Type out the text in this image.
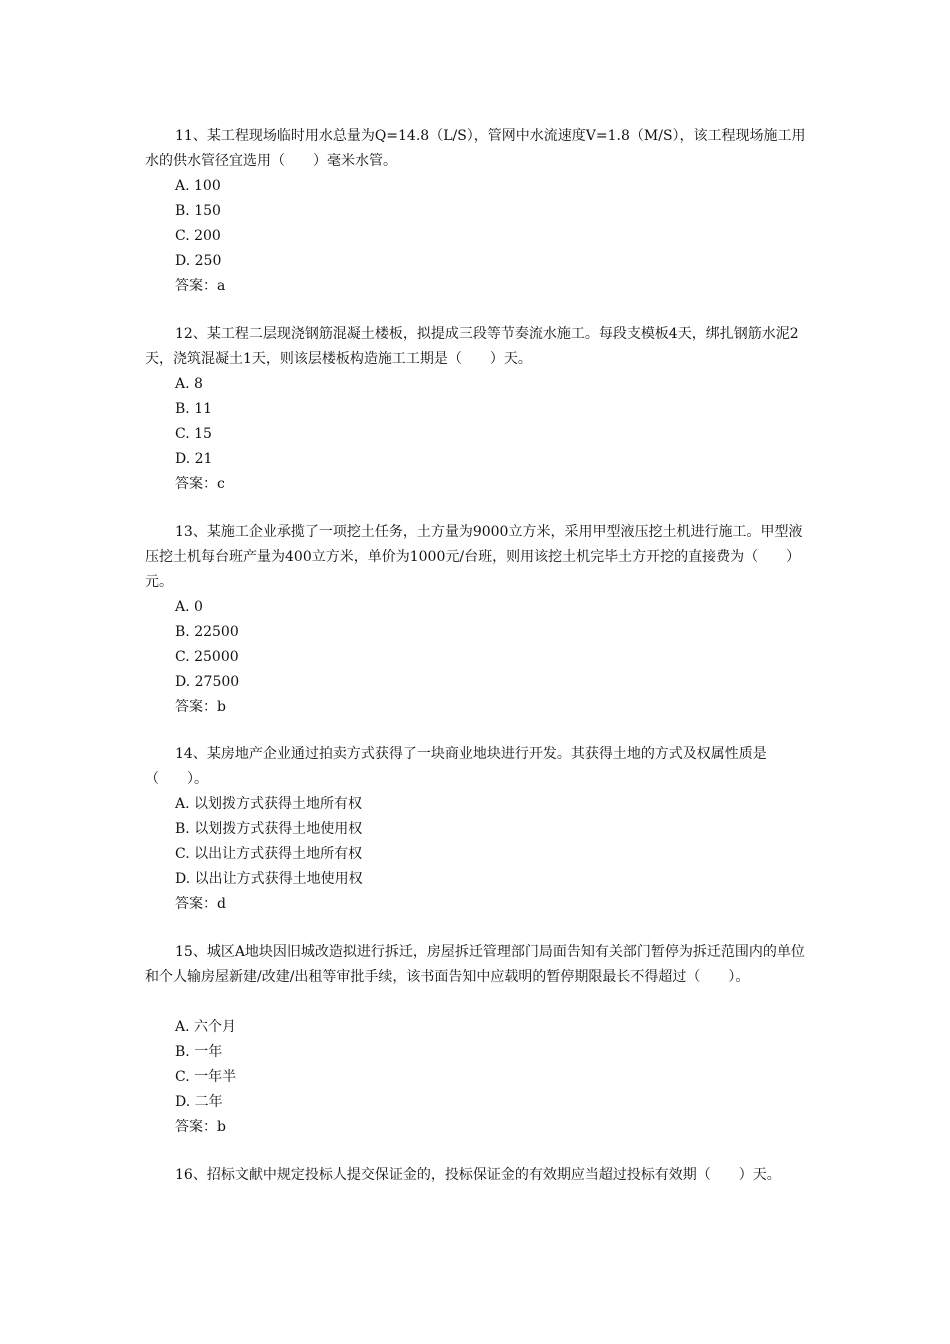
11、某工程现场临时用水总量为Q=14.8（L/S），管网中水流速度V=1.8（M/S），该工程现场施工用水的供水管径宜选用（　　）毫米水管。

A. 100
B. 150
C. 200
D. 250
答案：a

12、某工程二层现浇钢筋混凝土楼板，拟提成三段等节奏流水施工。每段支模板4天，绑扎钢筋水泥2天，浇筑混凝土1天，则该层楼板构造施工工期是（　　）天。

A. 8
B. 11
C. 15
D. 21
答案：c

13、某施工企业承揽了一项挖土任务，土方量为9000立方米，采用甲型液压挖土机进行施工。甲型液压挖土机每台班产量为400立方米，单价为1000元/台班，则用该挖土机完毕土方开挖的直接费为（　　）元。

A. 0
B. 22500
C. 25000
D. 27500
答案：b

14、某房地产企业通过拍卖方式获得了一块商业地块进行开发。其获得土地的方式及权属性质是（　　）。

A. 以划拨方式获得土地所有权
B. 以划拨方式获得土地使用权
C. 以出让方式获得土地所有权
D. 以出让方式获得土地使用权
答案：d

15、城区A地块因旧城改造拟进行拆迁，房屋拆迁管理部门局面告知有关部门暂停为拆迁范围内的单位和个人输房屋新建/改建/出租等审批手续，该书面告知中应载明的暂停期限最长不得超过（　　）。

A. 六个月
B. 一年
C. 一年半
D. 二年
答案：b

16、招标文献中规定投标人提交保证金的，投标保证金的有效期应当超过投标有效期（　　）天。
